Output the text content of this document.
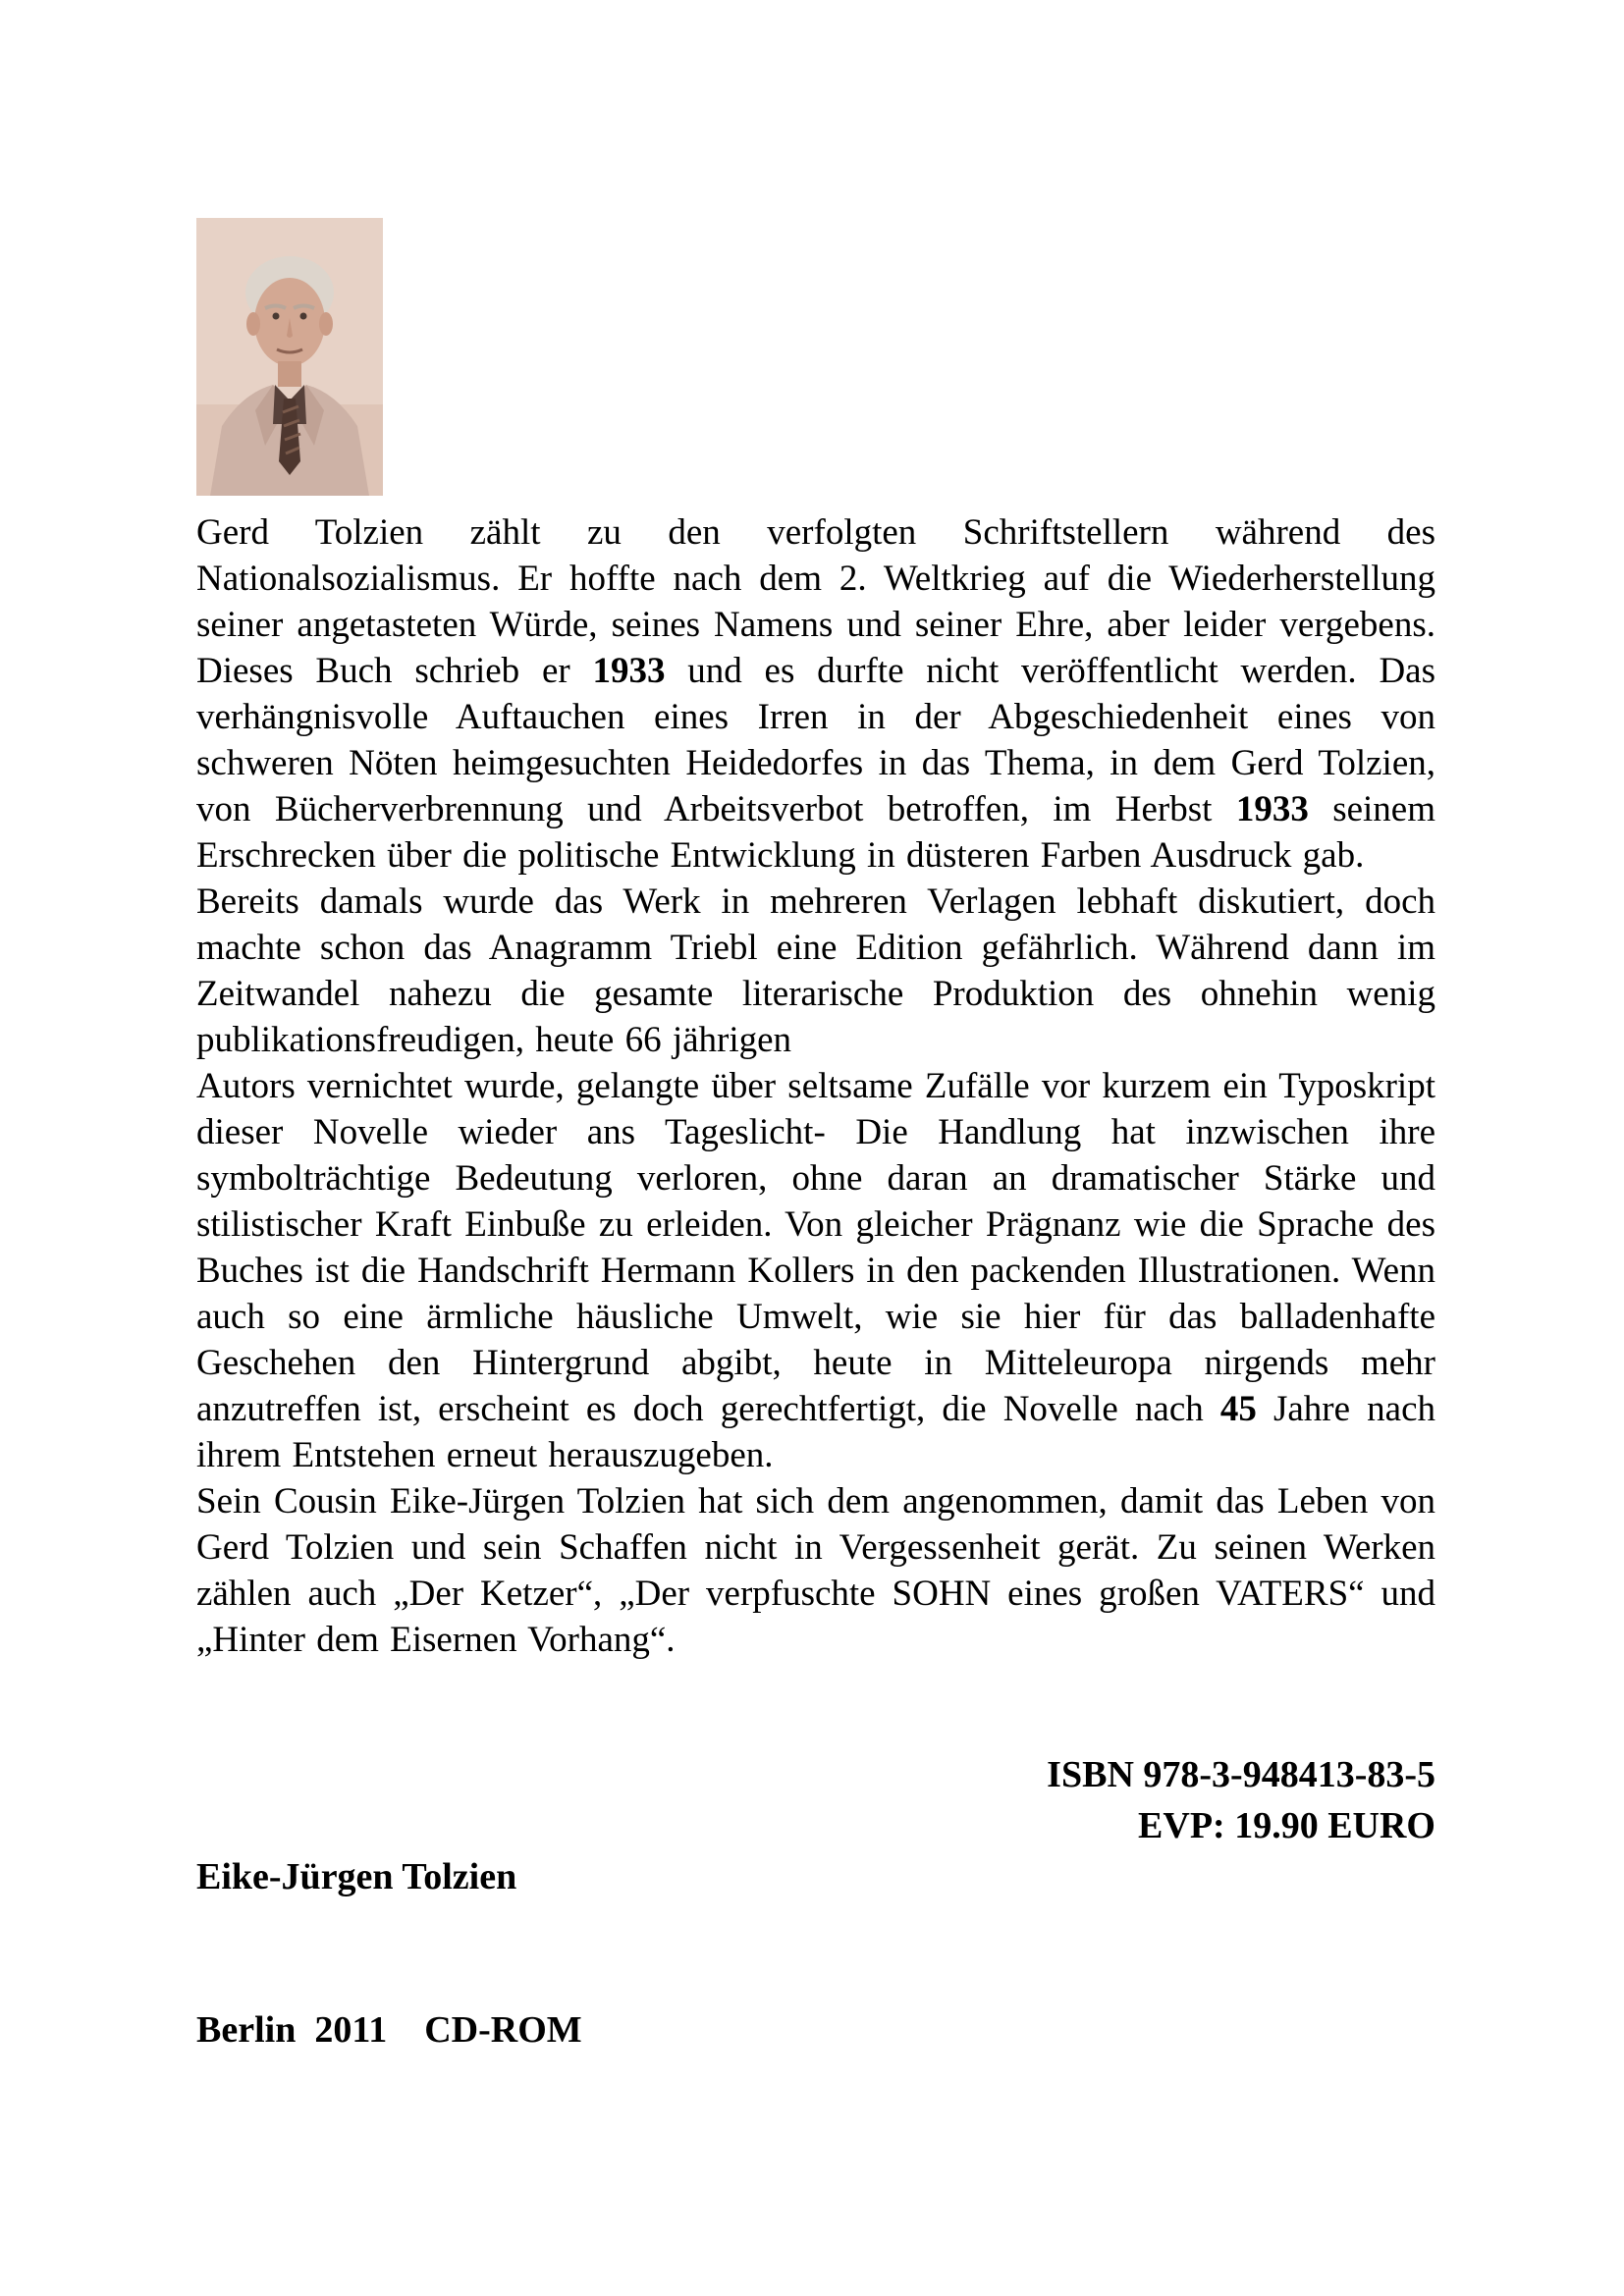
Gerd Tolzien zählt zu den verfolgten Schriftstellern während des Nationalsozialismus. Er hoffte nach dem 2. Weltkrieg auf die Wiederherstellung seiner angetasteten Würde, seines Namens und seiner Ehre, aber leider vergebens. Dieses Buch schrieb er 1933 und es durfte nicht veröffentlicht werden. Das verhängnisvolle Auftauchen eines Irren in der Abgeschiedenheit eines von schweren Nöten heimgesuchten Heidedorfes in das Thema, in dem Gerd Tolzien, von Bücherverbrennung und Arbeitsverbot betroffen, im Herbst 1933 seinem Erschrecken über die politische Entwicklung in düsteren Farben Ausdruck gab.

Bereits damals wurde das Werk in mehreren Verlagen lebhaft diskutiert, doch machte schon das Anagramm Triebl eine Edition gefährlich. Während dann im Zeitwandel nahezu die gesamte literarische Produktion des ohnehin wenig publikationsfreudigen, heute 66 jährigen

Autors vernichtet wurde, gelangte über seltsame Zufälle vor kurzem ein Typoskript dieser Novelle wieder ans Tageslicht- Die Handlung hat inzwischen ihre symbolträchtige Bedeutung verloren, ohne daran an dramatischer Stärke und stilistischer Kraft Einbuße zu erleiden. Von gleicher Prägnanz wie die Sprache des Buches ist die Handschrift Hermann Kollers in den packenden Illustrationen. Wenn auch so eine ärmliche häusliche Umwelt, wie sie hier für das balladenhafte Geschehen den Hintergrund abgibt, heute in Mitteleuropa nirgends mehr anzutreffen ist, erscheint es doch gerechtfertigt, die Novelle nach 45 Jahre nach ihrem Entstehen erneut herauszugeben.

Sein Cousin Eike-Jürgen Tolzien hat sich dem angenommen, damit das Leben von Gerd Tolzien und sein Schaffen nicht in Vergessenheit gerät. Zu seinen Werken zählen auch „Der Ketzer“, „Der verpfuschte SOHN eines großen VATERS“ und „Hinter dem Eisernen Vorhang“.

Eike-Jürgen Tolzien

Berlin  2011    CD-ROM

ISBN 978-3-948413-83-5
EVP: 19.90 EURO
